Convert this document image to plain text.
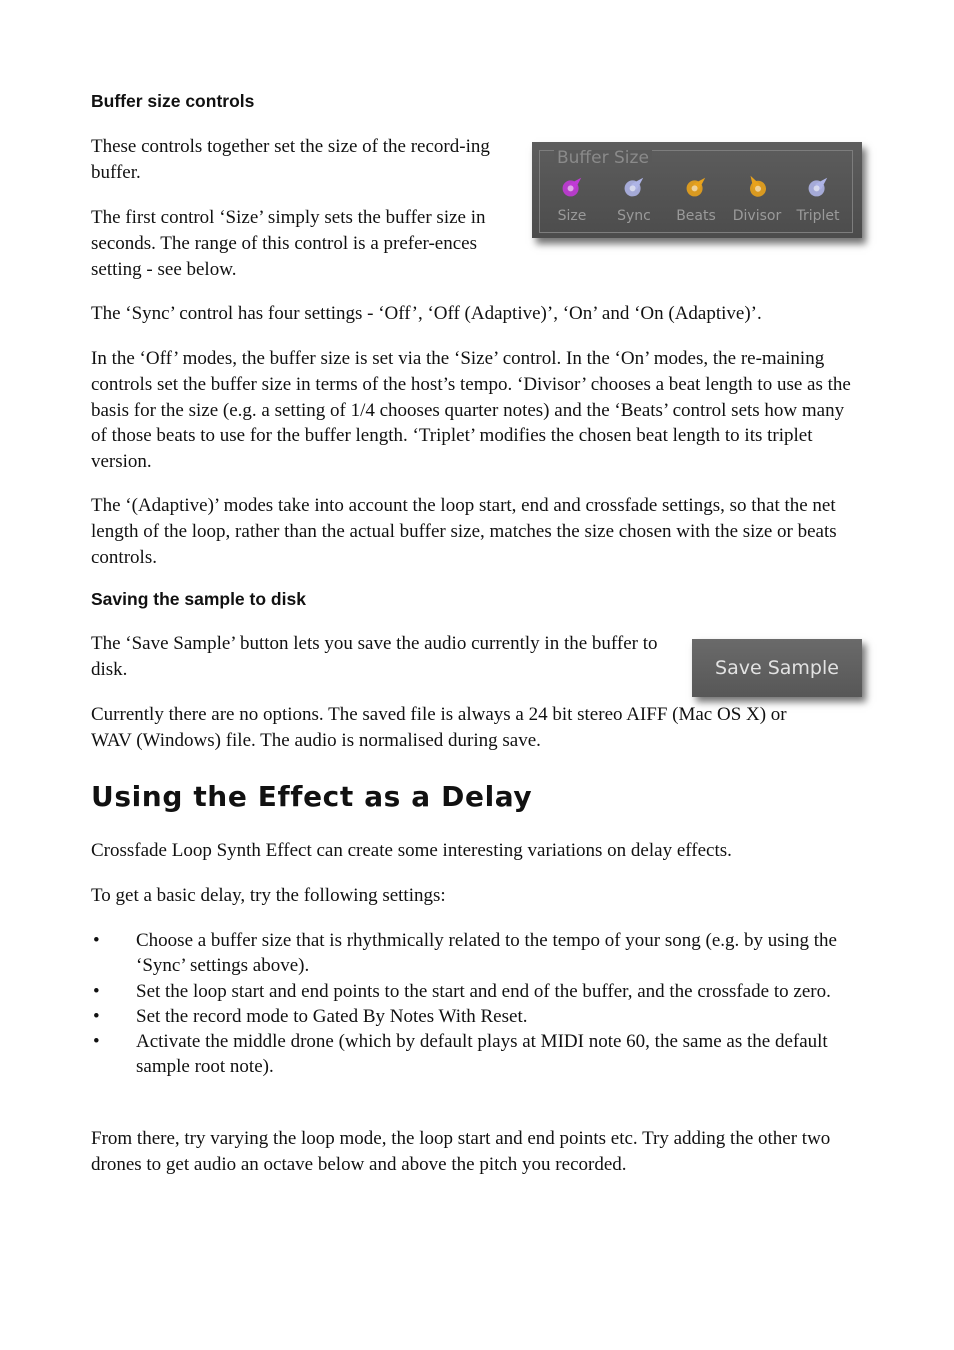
Buffer size controls

These controls together set the size of the record-ing buffer.

The first control ‘Size’ simply sets the buffer size in seconds. The range of this control is a prefer-ences setting - see below.

The ‘Sync’ control has four settings - ‘Off’, ‘Off (Adaptive)’, ‘On’ and ‘On (Adaptive)’.

In the ‘Off’ modes, the buffer size is set via the ‘Size’ control. In the ‘On’ modes, the re-maining controls set the buffer size in terms of the host’s tempo. ‘Divisor’ chooses a beat length to use as the basis for the size (e.g. a setting of 1/4 chooses quarter notes) and the ‘Beats’ control sets how many of those beats to use for the buffer length. ‘Triplet’ modifies the chosen beat length to its triplet version.

The ‘(Adaptive)’ modes take into account the loop start, end and crossfade settings, so that the net length of the loop, rather than the actual buffer size, matches the size chosen with the size or beats controls.

Saving the sample to disk

The ‘Save Sample’ button lets you save the audio currently in the buffer to disk.

Currently there are no options. The saved file is always a 24 bit stereo AIFF (Mac OS X) or WAV (Windows) file. The audio is normalised during save.

Using the Effect as a Delay

Crossfade Loop Synth Effect can create some interesting variations on delay effects.

To get a basic delay, try the following settings:

• Choose a buffer size that is rhythmically related to the tempo of your song (e.g. by using the ‘Sync’ settings above).
• Set the loop start and end points to the start and end of the buffer, and the crossfade to zero.
• Set the record mode to Gated By Notes With Reset.
• Activate the middle drone (which by default plays at MIDI note 60, the same as the default sample root note).

From there, try varying the loop mode, the loop start and end points etc. Try adding the other two drones to get audio an octave below and above the pitch you recorded.

Buffer Size
Size	Sync	Beats	Divisor	Triplet
Save Sample
